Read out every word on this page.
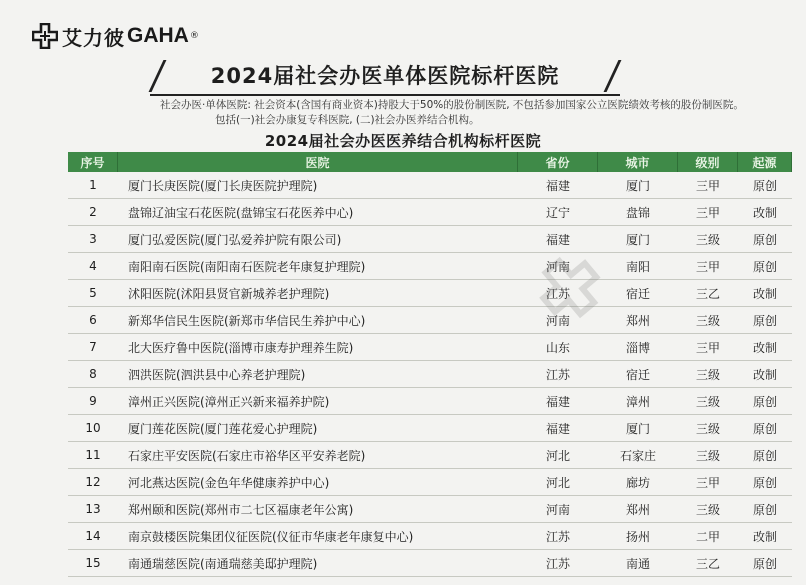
艾力彼 GAHA ®
2024届社会办医单体医院标杆医院
社会办医·单体医院: 社会资本(含国有商业资本)持股大于50%的股份制医院, 不包括参加国家公立医院绩效考核的股份制医院。
包括(一)社会办康复专科医院, (二)社会办医养结合机构。
2024届社会办医医养结合机构标杆医院
序号	医院	省份	城市	级别	起源
1	厦门长庚医院(厦门长庚医院护理院)	福建	厦门	三甲	原创
2	盘锦辽油宝石花医院(盘锦宝石花医养中心)	辽宁	盘锦	三甲	改制
3	厦门弘爱医院(厦门弘爱养护院有限公司)	福建	厦门	三级	原创
4	南阳南石医院(南阳南石医院老年康复护理院)	河南	南阳	三甲	原创
5	沭阳医院(沭阳县贤官新城养老护理院)	江苏	宿迁	三乙	改制
6	新郑华信民生医院(新郑市华信民生养护中心)	河南	郑州	三级	原创
7	北大医疗鲁中医院(淄博市康寿护理养生院)	山东	淄博	三甲	改制
8	泗洪医院(泗洪县中心养老护理院)	江苏	宿迁	三级	改制
9	漳州正兴医院(漳州正兴新来福养护院)	福建	漳州	三级	原创
10	厦门莲花医院(厦门莲花爱心护理院)	福建	厦门	三级	原创
11	石家庄平安医院(石家庄市裕华区平安养老院)	河北	石家庄	三级	原创
12	河北燕达医院(金色年华健康养护中心)	河北	廊坊	三甲	原创
13	郑州颐和医院(郑州市二七区福康老年公寓)	河南	郑州	三级	原创
14	南京鼓楼医院集团仪征医院(仪征市华康老年康复中心)	江苏	扬州	二甲	改制
15	南通瑞慈医院(南通瑞慈美邸护理院)	江苏	南通	三乙	原创
